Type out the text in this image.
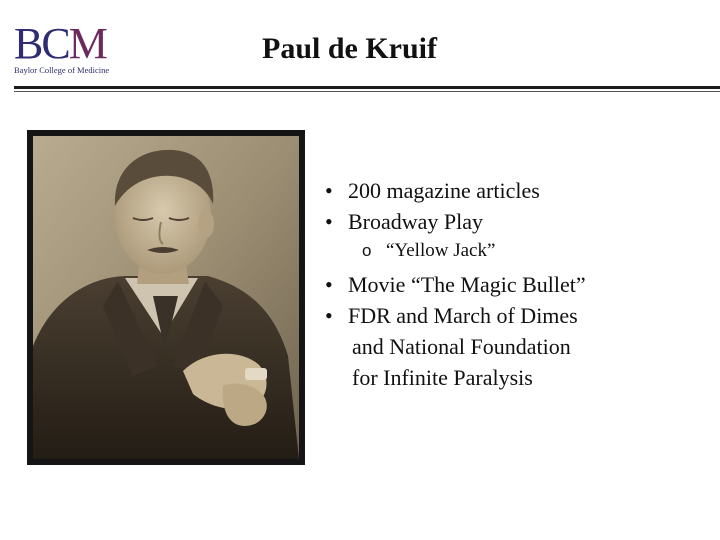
BCM
Baylor College of Medicine
Paul de Kruif
• 200 magazine articles
• Broadway Play
o “Yellow Jack”
• Movie “The Magic Bullet”
• FDR and March of Dimes
and National Foundation
for Infinite Paralysis
